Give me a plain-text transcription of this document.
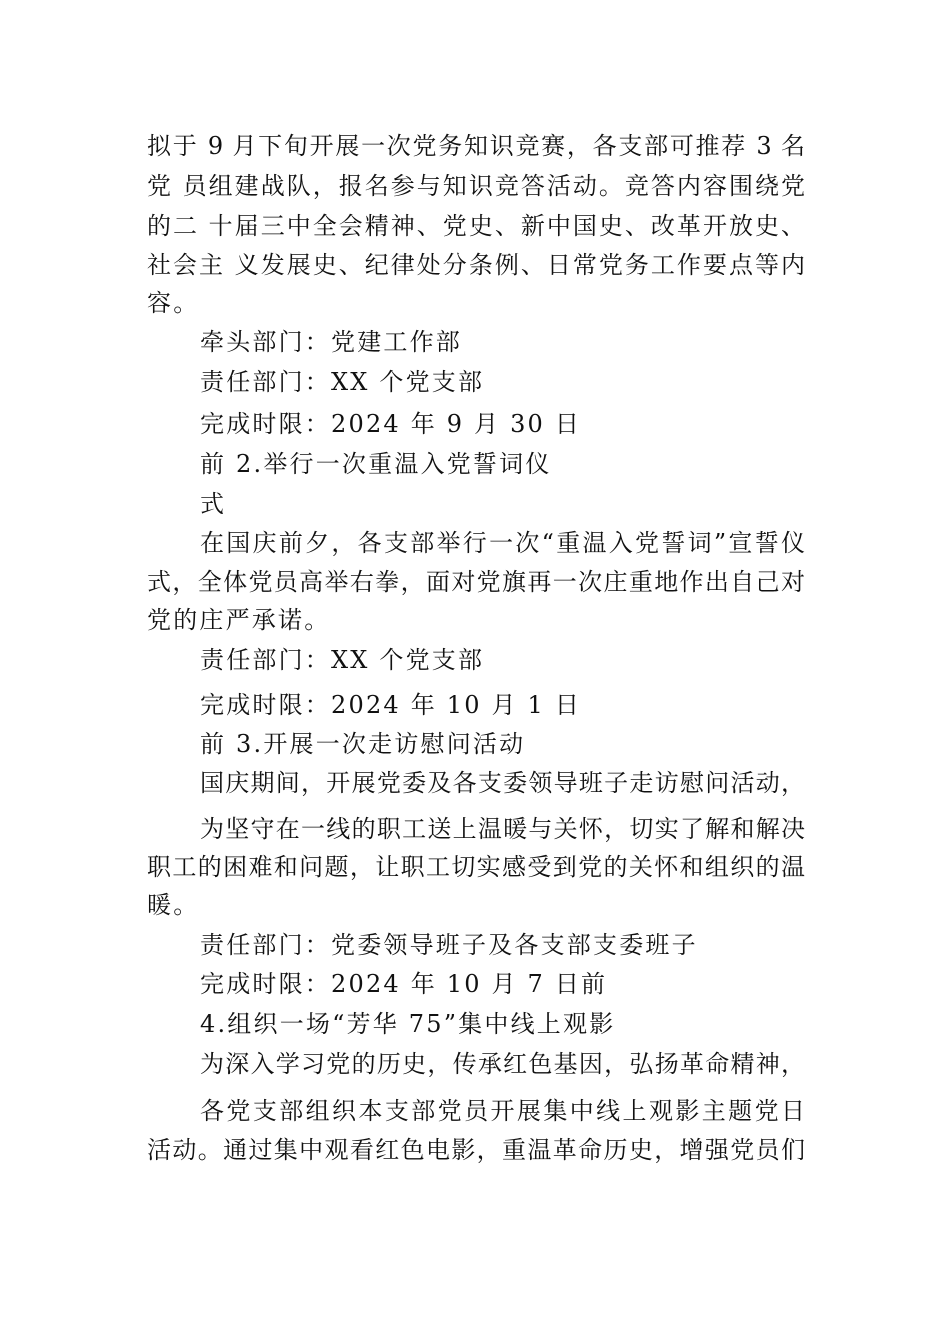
拟于 9 月下旬开展一次党务知识竞赛，各支部可推荐 3 名
党 员组建战队，报名参与知识竞答活动。竞答内容围绕党
的二 十届三中全会精神、党史、新中国史、改革开放史、
社会主 义发展史、纪律处分条例、日常党务工作要点等内
容。
牵头部门：党建工作部
责任部门：XX 个党支部
完成时限：2024 年 9 月 30 日
前 2.举行一次重温入党誓词仪
式
在国庆前夕，各支部举行一次“重温入党誓词”宣誓仪
式，全体党员高举右拳，面对党旗再一次庄重地作出自己对
党的庄严承诺。
责任部门：XX 个党支部
完成时限：2024 年 10 月 1 日
前 3.开展一次走访慰问活动
国庆期间，开展党委及各支委领导班子走访慰问活动，
为坚守在一线的职工送上温暖与关怀，切实了解和解决
职工的困难和问题，让职工切实感受到党的关怀和组织的温
暖。
责任部门：党委领导班子及各支部支委班子
完成时限：2024 年 10 月 7 日前
4.组织一场“芳华 75”集中线上观影
为深入学习党的历史，传承红色基因，弘扬革命精神，
各党支部组织本支部党员开展集中线上观影主题党日
活动。通过集中观看红色电影，重温革命历史，增强党员们
